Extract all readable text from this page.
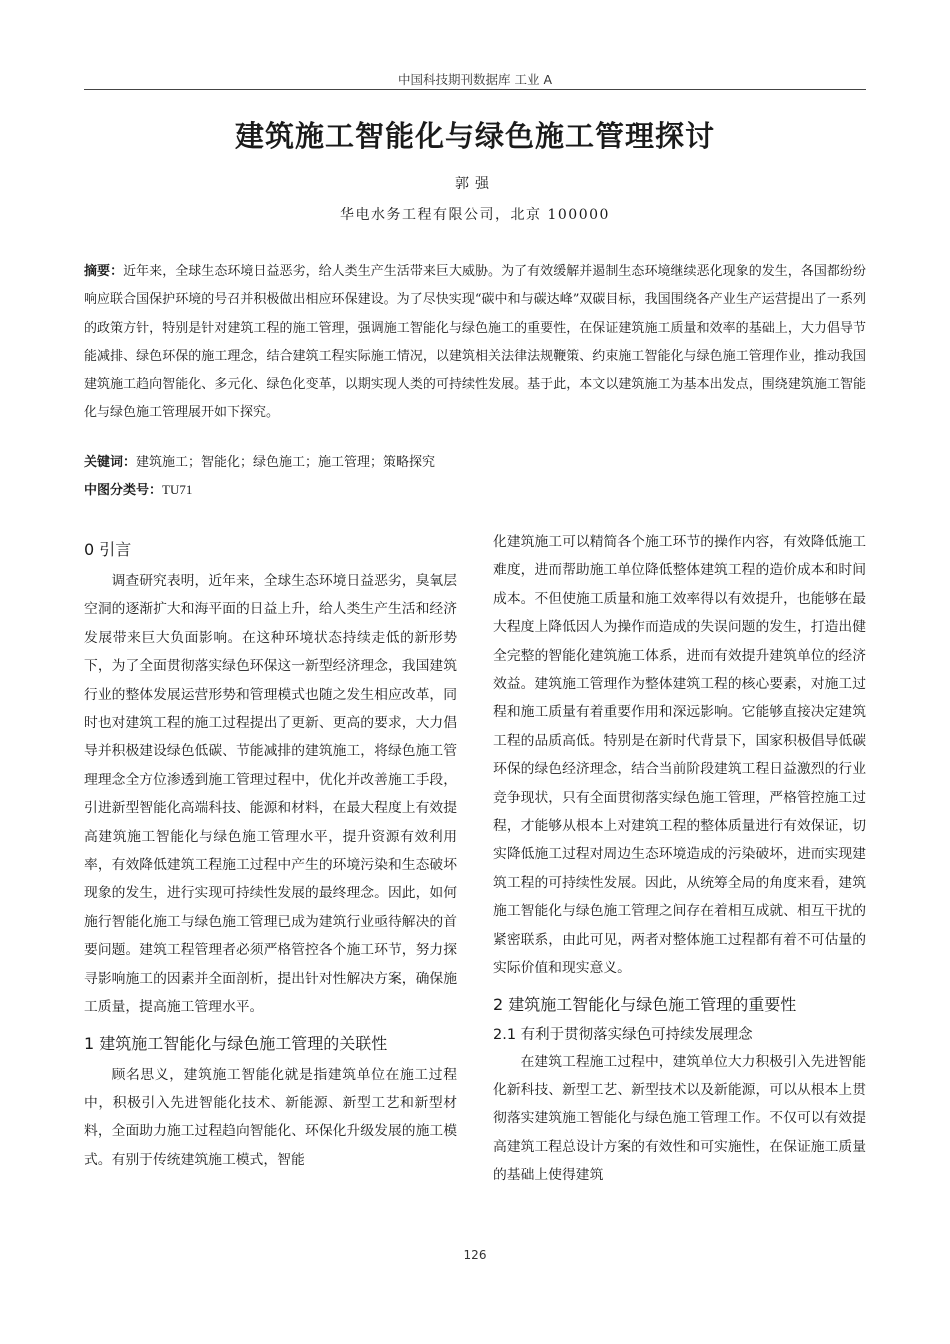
中国科技期刊数据库 工业 A
建筑施工智能化与绿色施工管理探讨
郭强
华电水务工程有限公司，北京 100000
摘要：近年来，全球生态环境日益恶劣，给人类生产生活带来巨大威胁。为了有效缓解并遏制生态环境继续恶化现象的发生，各国都纷纷响应联合国保护环境的号召并积极做出相应环保建设。为了尽快实现“碳中和与碳达峰”双碳目标，我国围绕各产业生产运营提出了一系列的政策方针，特别是针对建筑工程的施工管理，强调施工智能化与绿色施工的重要性，在保证建筑施工质量和效率的基础上，大力倡导节能减排、绿色环保的施工理念，结合建筑工程实际施工情况，以建筑相关法律法规鞭策、约束施工智能化与绿色施工管理作业，推动我国建筑施工趋向智能化、多元化、绿色化变革，以期实现人类的可持续性发展。基于此，本文以建筑施工为基本出发点，围绕建筑施工智能化与绿色施工管理展开如下探究。
关键词：建筑施工；智能化；绿色施工；施工管理；策略探究
中图分类号：TU71
0 引言

调查研究表明，近年来，全球生态环境日益恶劣，臭氧层空洞的逐渐扩大和海平面的日益上升，给人类生产生活和经济发展带来巨大负面影响。在这种环境状态持续走低的新形势下，为了全面贯彻落实绿色环保这一新型经济理念，我国建筑行业的整体发展运营形势和管理模式也随之发生相应改革，同时也对建筑工程的施工过程提出了更新、更高的要求，大力倡导并积极建设绿色低碳、节能减排的建筑施工，将绿色施工管理理念全方位渗透到施工管理过程中，优化并改善施工手段，引进新型智能化高端科技、能源和材料，在最大程度上有效提高建筑施工智能化与绿色施工管理水平，提升资源有效利用率，有效降低建筑工程施工过程中产生的环境污染和生态破坏现象的发生，进行实现可持续性发展的最终理念。因此，如何施行智能化施工与绿色施工管理已成为建筑行业亟待解决的首要问题。建筑工程管理者必须严格管控各个施工环节，努力探寻影响施工的因素并全面剖析，提出针对性解决方案，确保施工质量，提高施工管理水平。

1 建筑施工智能化与绿色施工管理的关联性

顾名思义，建筑施工智能化就是指建筑单位在施工过程中，积极引入先进智能化技术、新能源、新型工艺和新型材料，全面助力施工过程趋向智能化、环保化升级发展的施工模式。有别于传统建筑施工模式，智能

化建筑施工可以精简各个施工环节的操作内容，有效降低施工难度，进而帮助施工单位降低整体建筑工程的造价成本和时间成本。不但使施工质量和施工效率得以有效提升，也能够在最大程度上降低因人为操作而造成的失误问题的发生，打造出健全完整的智能化建筑施工体系，进而有效提升建筑单位的经济效益。建筑施工管理作为整体建筑工程的核心要素，对施工过程和施工质量有着重要作用和深远影响。它能够直接决定建筑工程的品质高低。特别是在新时代背景下，国家积极倡导低碳环保的绿色经济理念，结合当前阶段建筑工程日益激烈的行业竞争现状，只有全面贯彻落实绿色施工管理，严格管控施工过程，才能够从根本上对建筑工程的整体质量进行有效保证，切实降低施工过程对周边生态环境造成的污染破坏，进而实现建筑工程的可持续性发展。因此，从统筹全局的角度来看，建筑施工智能化与绿色施工管理之间存在着相互成就、相互干扰的紧密联系，由此可见，两者对整体施工过程都有着不可估量的实际价值和现实意义。

2 建筑施工智能化与绿色施工管理的重要性
2.1 有利于贯彻落实绿色可持续发展理念

在建筑工程施工过程中，建筑单位大力积极引入先进智能化新科技、新型工艺、新型技术以及新能源，可以从根本上贯彻落实建筑施工智能化与绿色施工管理工作。不仅可以有效提高建筑工程总设计方案的有效性和可实施性，在保证施工质量的基础上使得建筑

126
